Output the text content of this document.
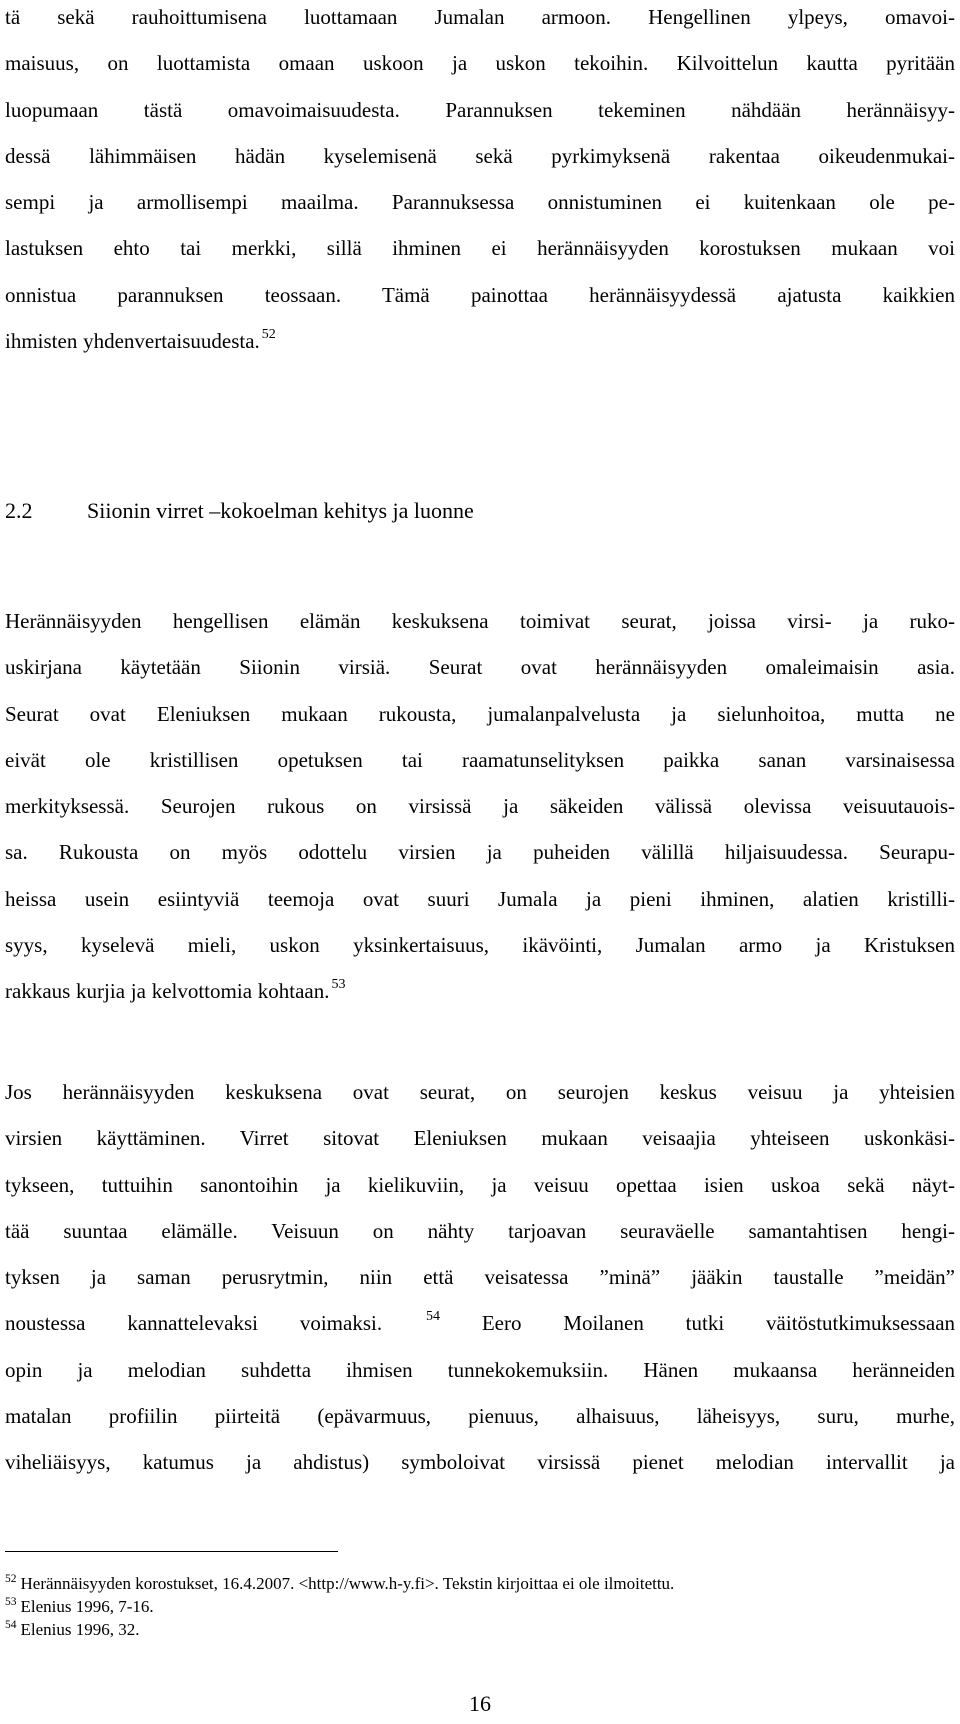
tä sekä rauhoittumisena luottamaan Jumalan armoon. Hengellinen ylpeys, omavoi-
maisuus, on luottamista omaan uskoon ja uskon tekoihin. Kilvoittelun kautta pyritään
luopumaan tästä omavoimaisuudesta. Parannuksen tekeminen nähdään herännäisyy-
dessä lähimmäisen hädän kyselemisenä sekä pyrkimyksenä rakentaa oikeudenmukai-
sempi ja armollisempi maailma. Parannuksessa onnistuminen ei kuitenkaan ole pe-
lastuksen ehto tai merkki, sillä ihminen ei herännäisyyden korostuksen mukaan voi
onnistua parannuksen teossaan. Tämä painottaa herännäisyydessä ajatusta kaikkien
ihmisten yhdenvertaisuudesta. $^{52}$
2.2 Siionin virret –kokoelman kehitys ja luonne
Herännäisyyden hengellisen elämän keskuksena toimivat seurat, joissa virsi- ja ruko-
uskirjana käytetään Siionin virsiä. Seurat ovat herännäisyyden omaleimaisin asia.
Seurat ovat Eleniuksen mukaan rukousta, jumalanpalvelusta ja sielunhoitoa, mutta ne
eivät ole kristillisen opetuksen tai raamatunselityksen paikka sanan varsinaisessa
merkityksessä. Seurojen rukous on virsissä ja säkeiden välissä olevissa veisuutauois-
sa. Rukousta on myös odottelu virsien ja puheiden välillä hiljaisuudessa. Seurapu-
heissa usein esiintyviä teemoja ovat suuri Jumala ja pieni ihminen, alatien kristilli-
syys, kyselevä mieli, uskon yksinkertaisuus, ikävöinti, Jumalan armo ja Kristuksen
rakkaus kurjia ja kelvottomia kohtaan. $^{53}$
Jos herännäisyyden keskuksena ovat seurat, on seurojen keskus veisuu ja yhteisien
virsien käyttäminen. Virret sitovat Eleniuksen mukaan veisaajia yhteiseen uskonkäsi-
tykseen, tuttuihin sanontoihin ja kielikuviin, ja veisuu opettaa isien uskoa sekä näyt-
tää suuntaa elämälle. Veisuun on nähty tarjoavan seuraväelle samantahtisen hengi-
tyksen ja saman perusrytmin, niin että veisatessa ”minä” jääkin taustalle ”meidän”
noustessa kannattelevaksi voimaksi.	$^{54}$ Eero Moilanen tutki väitöstutkimuksessaan
opin ja melodian suhdetta ihmisen tunnekokemuksiin. Hänen mukaansa heränneiden
matalan profiilin piirteitä (epävarmuus, pienuus, alhaisuus, läheisyys, suru, murhe,
viheliäisyys, katumus ja ahdistus) symboloivat virsissä pienet melodian intervallit ja
$^{52}$ Herännäisyyden korostukset, 16.4.2007. <http://www.h-y.fi>. Tekstin kirjoittaa ei ole ilmoitettu.
$^{53}$ Elenius 1996, 7-16.
$^{54}$ Elenius 1996, 32.
16
